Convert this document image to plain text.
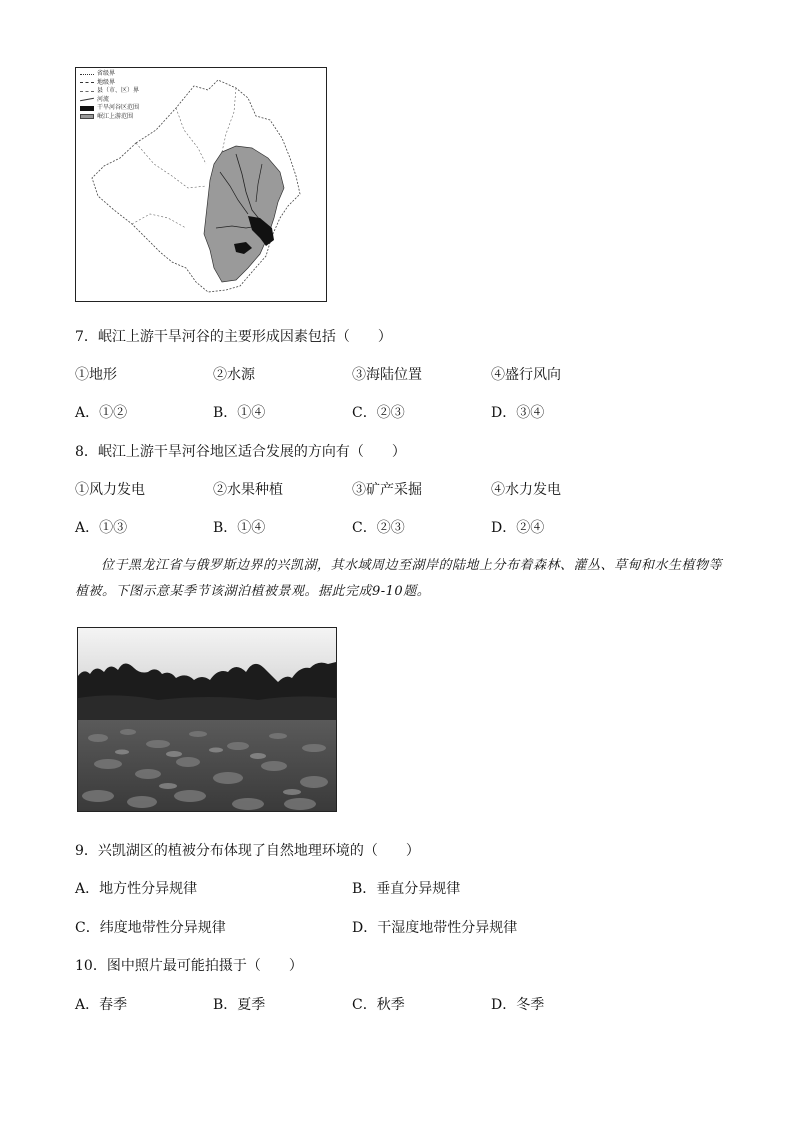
省级界
地级界
县（市、区）界
河流
干旱河谷区范围
岷江上游范围
7．岷江上游干旱河谷的主要形成因素包括（　　）
①地形	②水源	③海陆位置	④盛行风向
A．①②	B．①④	C．②③	D．③④
8．岷江上游干旱河谷地区适合发展的方向有（　　）
①风力发电	②水果种植	③矿产采掘	④水力发电
A．①③	B．①④	C．②③	D．②④
位于黑龙江省与俄罗斯边界的兴凯湖，其水域周边至湖岸的陆地上分布着森林、灌丛、草甸和水生植物等植被。下图示意某季节该湖泊植被景观。据此完成9-10题。
9．兴凯湖区的植被分布体现了自然地理环境的（　　）
A．地方性分异规律	B．垂直分异规律
C．纬度地带性分异规律	D．干湿度地带性分异规律
10．图中照片最可能拍摄于（　　）
A．春季	B．夏季	C．秋季	D．冬季
